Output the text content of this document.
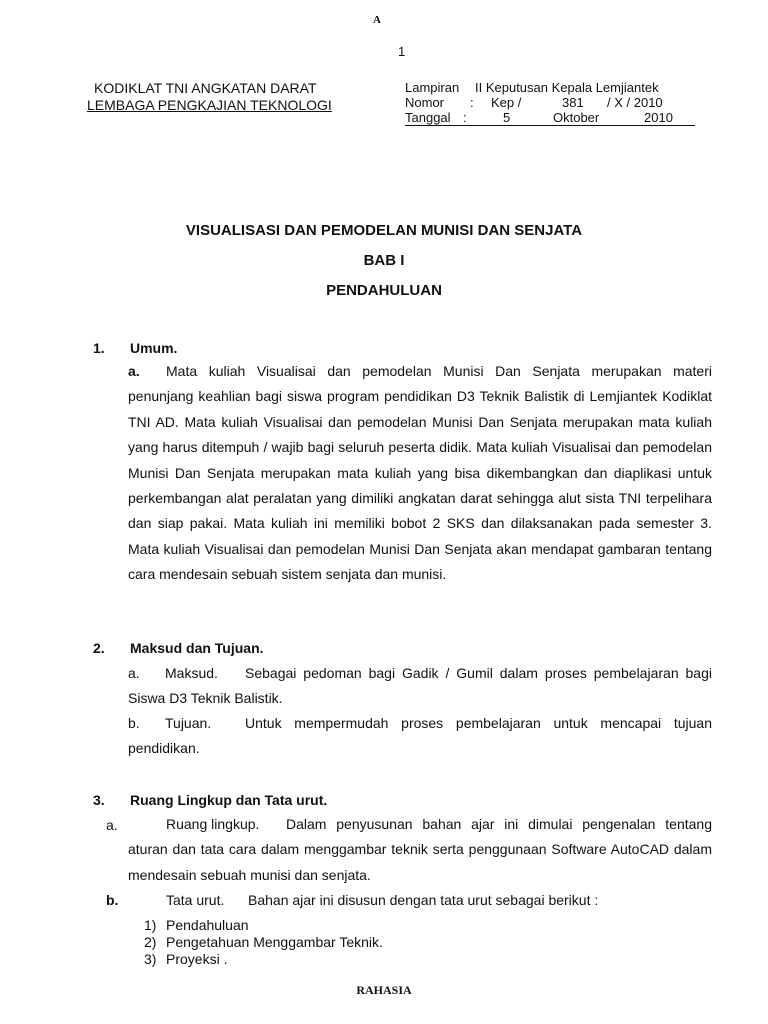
A
1
KODIKLAT TNI ANGKATAN DARAT
LEMBAGA PENGKAJIAN TEKNOLOGI
Lampiran II Keputusan Kepala Lemjiantek
Nomor : Kep /	381 / X / 2010
Tanggal :	5	Oktober	2010
VISUALISASI DAN PEMODELAN MUNISI DAN SENJATA
BAB I
PENDAHULUAN
1. Umum.
a. Mata kuliah Visualisai dan pemodelan Munisi Dan Senjata merupakan materi penunjang keahlian bagi siswa program pendidikan D3 Teknik Balistik di Lemjiantek Kodiklat TNI AD. Mata kuliah Visualisai dan pemodelan Munisi Dan Senjata merupakan mata kuliah yang harus ditempuh / wajib bagi seluruh peserta didik. Mata kuliah Visualisai dan pemodelan Munisi Dan Senjata merupakan mata kuliah yang bisa dikembangkan dan diaplikasi untuk perkembangan alat peralatan yang dimiliki angkatan darat sehingga alut sista TNI terpelihara dan siap pakai. Mata kuliah ini memiliki bobot 2 SKS dan dilaksanakan pada semester 3. Mata kuliah Visualisai dan pemodelan Munisi Dan Senjata akan mendapat gambaran tentang cara mendesain sebuah sistem senjata dan munisi.
2. Maksud dan Tujuan.
a. Maksud. Sebagai pedoman bagi Gadik / Gumil dalam proses pembelajaran bagi Siswa D3 Teknik Balistik.
b. Tujuan. Untuk mempermudah proses pembelajaran untuk mencapai tujuan pendidikan.
3. Ruang Lingkup dan Tata urut.
a.	Ruang lingkup. Dalam penyusunan bahan ajar ini dimulai pengenalan tentang aturan dan tata cara dalam menggambar teknik serta penggunaan Software AutoCAD dalam mendesain sebuah munisi dan senjata.
b.	Tata urut. Bahan ajar ini disusun dengan tata urut sebagai berikut :
1) Pendahuluan
2) Pengetahuan Menggambar Teknik.
3) Proyeksi .
RAHASIA
